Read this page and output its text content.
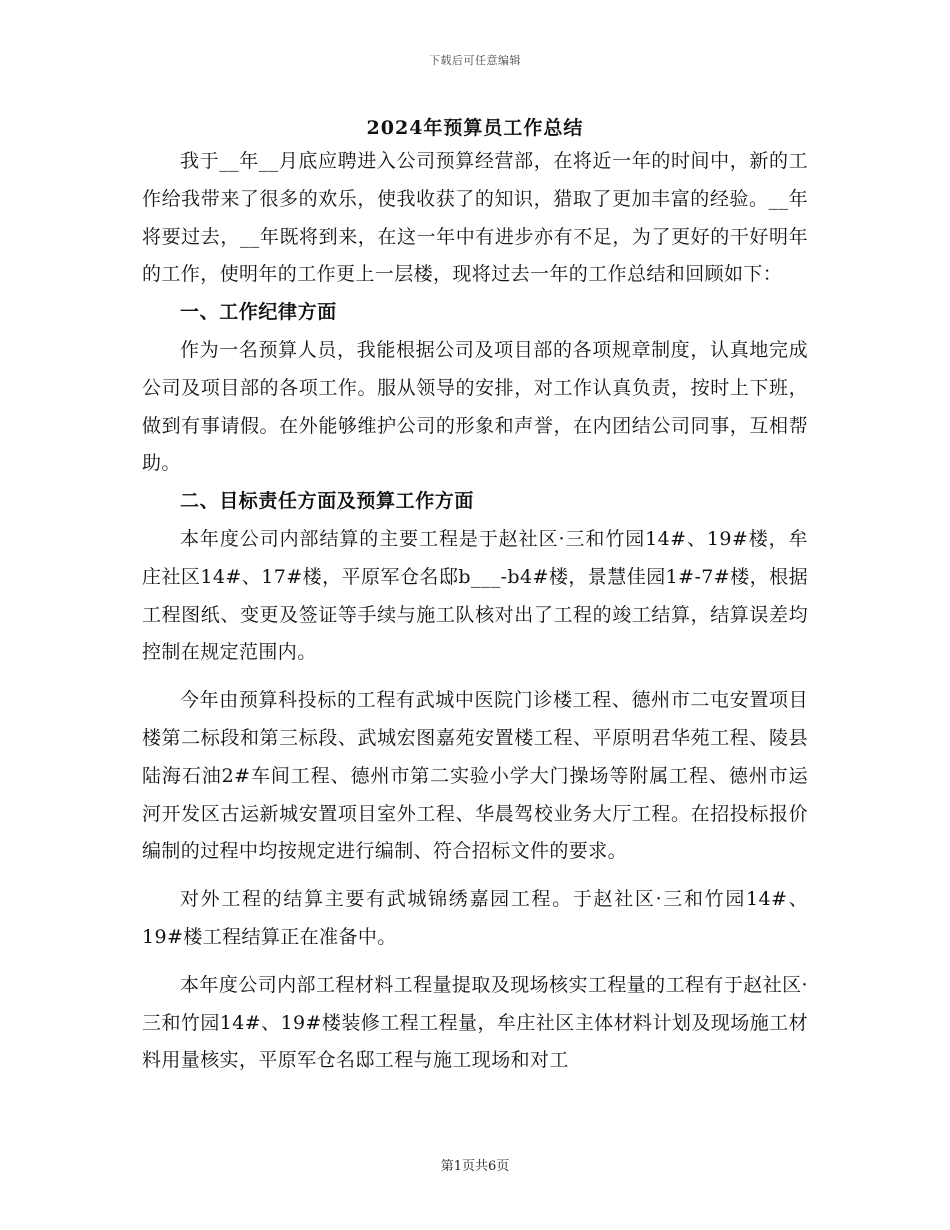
下载后可任意编辑

2024年预算员工作总结

我于__年__月底应聘进入公司预算经营部，在将近一年的时间中，新的工作给我带来了很多的欢乐，使我收获了的知识，猎取了更加丰富的经验。__年将要过去，__年既将到来，在这一年中有进步亦有不足，为了更好的干好明年的工作，使明年的工作更上一层楼，现将过去一年的工作总结和回顾如下：

一、工作纪律方面

作为一名预算人员，我能根据公司及项目部的各项规章制度，认真地完成公司及项目部的各项工作。服从领导的安排，对工作认真负责，按时上下班，做到有事请假。在外能够维护公司的形象和声誉，在内团结公司同事，互相帮助。

二、目标责任方面及预算工作方面

本年度公司内部结算的主要工程是于赵社区·三和竹园14#、19#楼，牟庄社区14#、17#楼，平原军仓名邸b___-b4#楼，景慧佳园1#-7#楼，根据工程图纸、变更及签证等手续与施工队核对出了工程的竣工结算，结算误差均控制在规定范围内。

今年由预算科投标的工程有武城中医院门诊楼工程、德州市二屯安置项目楼第二标段和第三标段、武城宏图嘉苑安置楼工程、平原明君华苑工程、陵县陆海石油2#车间工程、德州市第二实验小学大门操场等附属工程、德州市运河开发区古运新城安置项目室外工程、华晨驾校业务大厅工程。在招投标报价编制的过程中均按规定进行编制、符合招标文件的要求。

对外工程的结算主要有武城锦绣嘉园工程。于赵社区·三和竹园14#、19#楼工程结算正在准备中。

本年度公司内部工程材料工程量提取及现场核实工程量的工程有于赵社区·三和竹园14#、19#楼装修工程工程量，牟庄社区主体材料计划及现场施工材料用量核实，平原军仓名邸工程与施工现场和对工

第1页共6页
